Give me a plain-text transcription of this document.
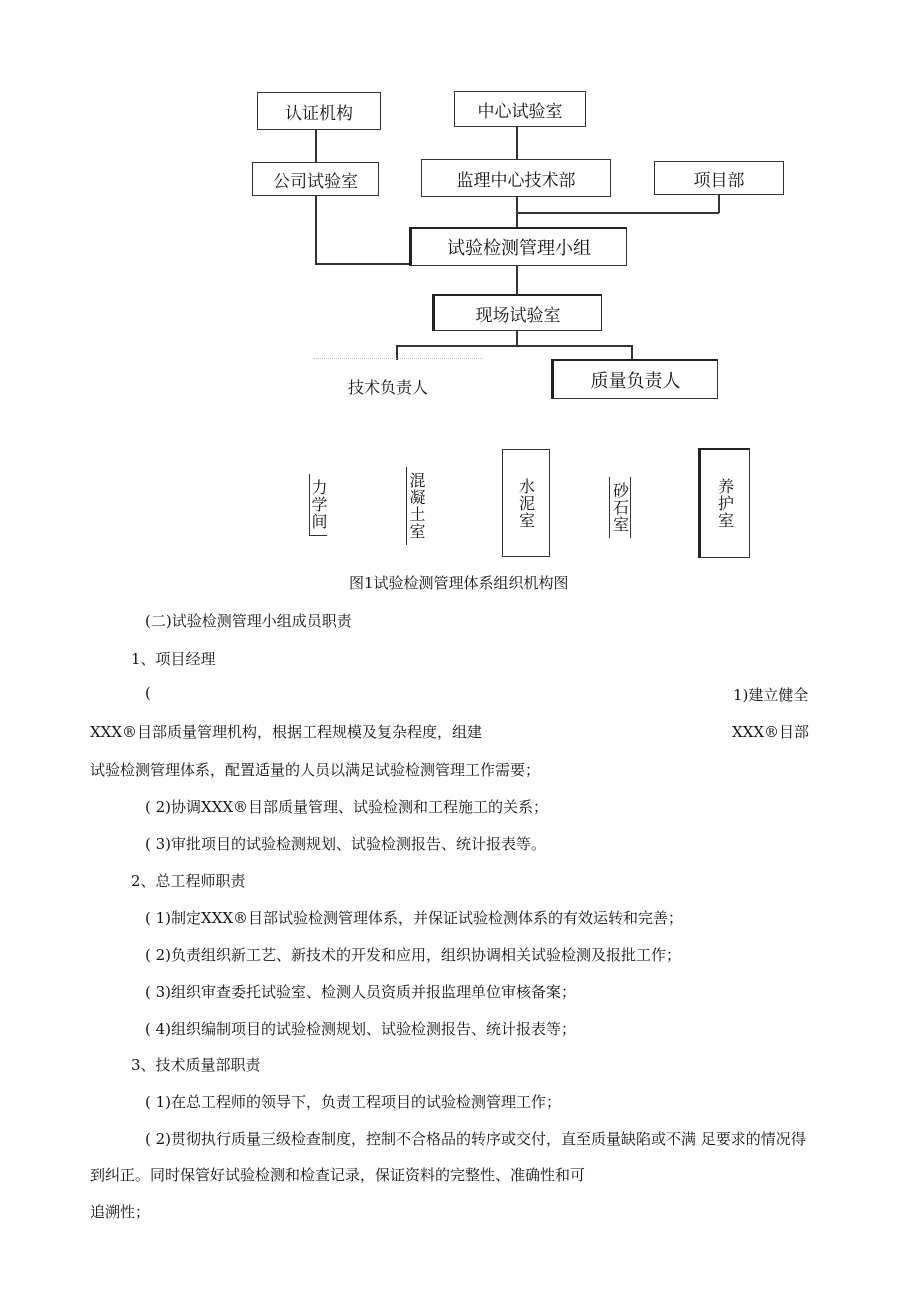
认证机构	中心试验室
公司试验室	监理中心技术部	项目部
试验检测管理小组
现场试验室
技术负责人	质量负责人
力学间	混凝土室	水泥室	砂石室	养护室
图1试验检测管理体系组织机构图
(二)试验检测管理小组成员职责
1、项目经理
(	1)建立健全
XXX®目部质量管理机构，根据工程规模及复杂程度，组建	XXX®目部
试验检测管理体系，配置适量的人员以满足试验检测管理工作需要；
( 2)协调XXX®目部质量管理、试验检测和工程施工的关系；
( 3)审批项目的试验检测规划、试验检测报告、统计报表等。
2、总工程师职责
( 1)制定XXX®目部试验检测管理体系，并保证试验检测体系的有效运转和完善；
( 2)负责组织新工艺、新技术的开发和应用，组织协调相关试验检测及报批工作；
( 3)组织审查委托试验室、检测人员资质并报监理单位审核备案；
( 4)组织编制项目的试验检测规划、试验检测报告、统计报表等；
3、技术质量部职责
( 1)在总工程师的领导下，负责工程项目的试验检测管理工作；
( 2)贯彻执行质量三级检查制度，控制不合格品的转序或交付，直至质量缺陷或不满 足要求的情况得
到纠正。同时保管好试验检测和检查记录，保证资料的完整性、准确性和可
追溯性；
